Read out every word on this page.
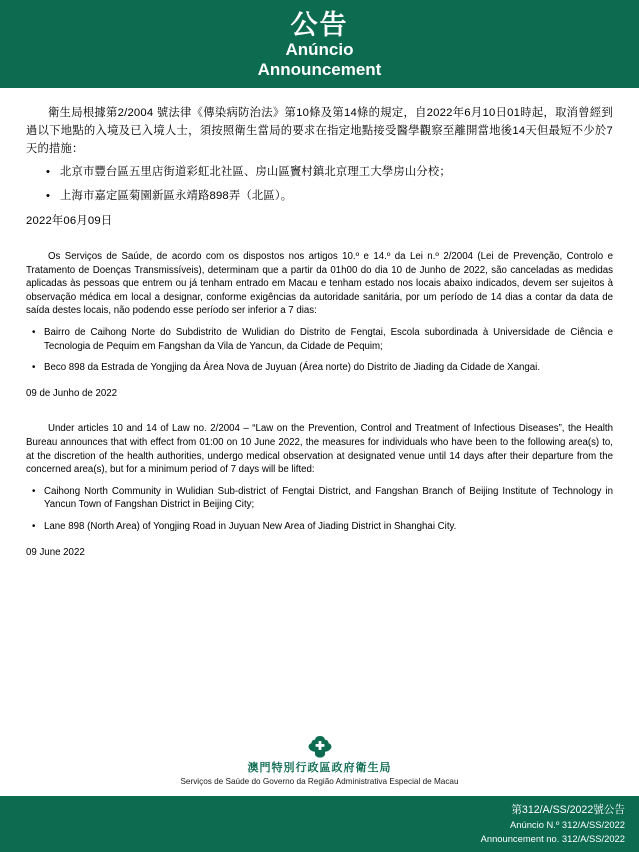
公告
Anúncio
Announcement

衛生局根據第2/2004 號法律《傳染病防治法》第10條及第14條的規定，自2022年6月10日01時起，取消曾經到過以下地點的入境及已入境人士，須按照衛生當局的要求在指定地點接受醫學觀察至離開當地後14天但最短不少於7天的措施：

• 北京市豐台區五里店街道彩虹北社區、房山區竇村鎮北京理工大學房山分校；
• 上海市嘉定區菊園新區永靖路898弄（北區）。

2022年06月09日

Os Serviços de Saúde, de acordo com os dispostos nos artigos 10.º e 14.º da Lei n.º 2/2004 (Lei de Prevenção, Controlo e Tratamento de Doenças Transmissíveis), determinam que a partir da 01h00 do dia 10 de Junho de 2022, são canceladas as medidas aplicadas às pessoas que entrem ou já tenham entrado em Macau e tenham estado nos locais abaixo indicados, devem ser sujeitos à observação médica em local a designar, conforme exigências da autoridade sanitária, por um período de 14 dias a contar da data de saída destes locais, não podendo esse período ser inferior a 7 dias:

• Bairro de Caihong Norte do Subdistrito de Wulidian do Distrito de Fengtai, Escola subordinada à Universidade de Ciência e Tecnologia de Pequim em Fangshan da Vila de Yancun, da Cidade de Pequim;

• Beco 898 da Estrada de Yongjing da Área Nova de Juyuan (Área norte) do Distrito de Jiading da Cidade de Xangai.

09 de Junho de 2022

Under articles 10 and 14 of Law no. 2/2004 – “Law on the Prevention, Control and Treatment of Infectious Diseases”, the Health Bureau announces that with effect from 01:00 on 10 June 2022, the measures for individuals who have been to the following area(s) to, at the discretion of the health authorities, undergo medical observation at designated venue until 14 days after their departure from the concerned area(s), but for a minimum period of 7 days will be lifted:

• Caihong North Community in Wulidian Sub-district of Fengtai District, and Fangshan Branch of Beijing Institute of Technology in Yancun Town of Fangshan District in Beijing City;

• Lane 898 (North Area) of Yongjing Road in Juyuan New Area of Jiading District in Shanghai City.

09 June 2022

澳門特別行政區政府衛生局
Serviços de Saúde do Governo da Região Administrativa Especial de Macau
第312/A/SS/2022號公告
Anúncio N.º 312/A/SS/2022
Announcement no. 312/A/SS/2022
